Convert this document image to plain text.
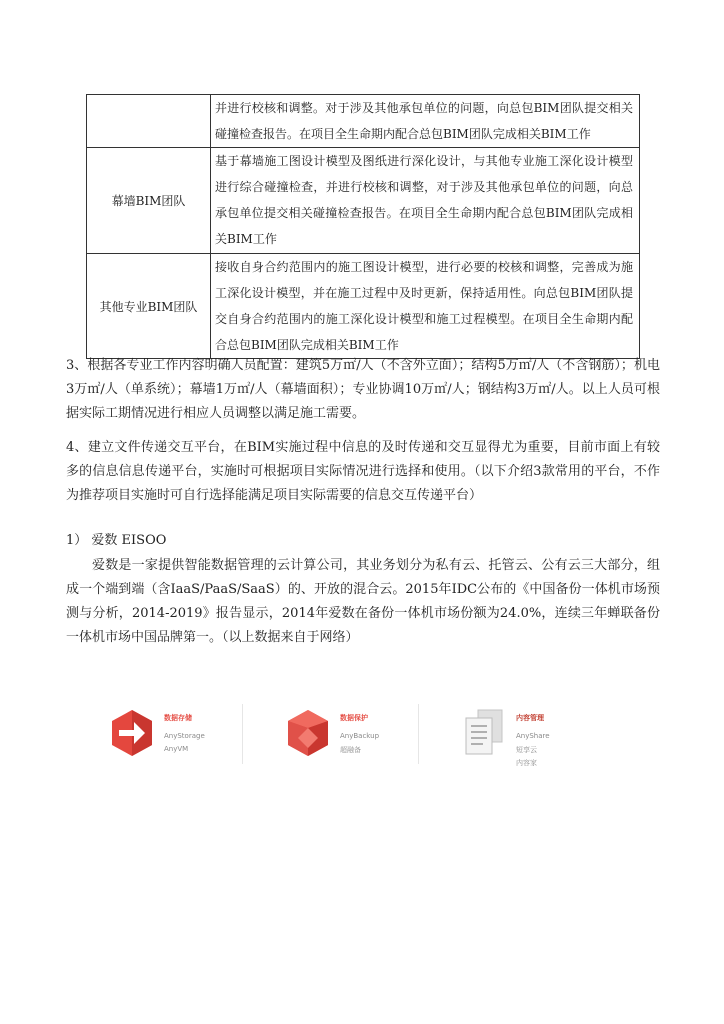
	并进行校核和调整。对于涉及其他承包单位的问题，向总包BIM团队提交相关碰撞检查报告。在项目全生命期内配合总包BIM团队完成相关BIM工作
幕墙BIM团队	基于幕墙施工图设计模型及图纸进行深化设计，与其他专业施工深化设计模型进行综合碰撞检查，并进行校核和调整，对于涉及其他承包单位的问题，向总承包单位提交相关碰撞检查报告。在项目全生命期内配合总包BIM团队完成相关BIM工作
其他专业BIM团队	接收自身合约范围内的施工图设计模型，进行必要的校核和调整，完善成为施工深化设计模型，并在施工过程中及时更新，保持适用性。向总包BIM团队提交自身合约范围内的施工深化设计模型和施工过程模型。在项目全生命期内配合总包BIM团队完成相关BIM工作
3、根据各专业工作内容明确人员配置：建筑5万㎡/人（不含外立面）；结构5万㎡/人（不含钢筋）；机电3万㎡/人（单系统）；幕墙1万㎡/人（幕墙面积）；专业协调10万㎡/人；钢结构3万㎡/人。以上人员可根据实际工期情况进行相应人员调整以满足施工需要。
4、建立文件传递交互平台，在BIM实施过程中信息的及时传递和交互显得尤为重要，目前市面上有较多的信息信息传递平台，实施时可根据项目实际情况进行选择和使用。（以下介绍3款常用的平台，不作为推荐项目实施时可自行选择能满足项目实际需要的信息交互传递平台）
1） 爱数 EISOO
爱数是一家提供智能数据管理的云计算公司，其业务划分为私有云、托管云、公有云三大部分，组成一个端到端（含IaaS/PaaS/SaaS）的、开放的混合云。2015年IDC公布的《中国备份一体机市场预测与分析，2014-2019》报告显示，2014年爱数在备份一体机市场份额为24.0%，连续三年蝉联备份一体机市场中国品牌第一。（以上数据来自于网络）
数据存储
AnyStorage
AnyVM
数据保护
AnyBackup
超融备
内容管理
AnyShare
短享云
内容家
